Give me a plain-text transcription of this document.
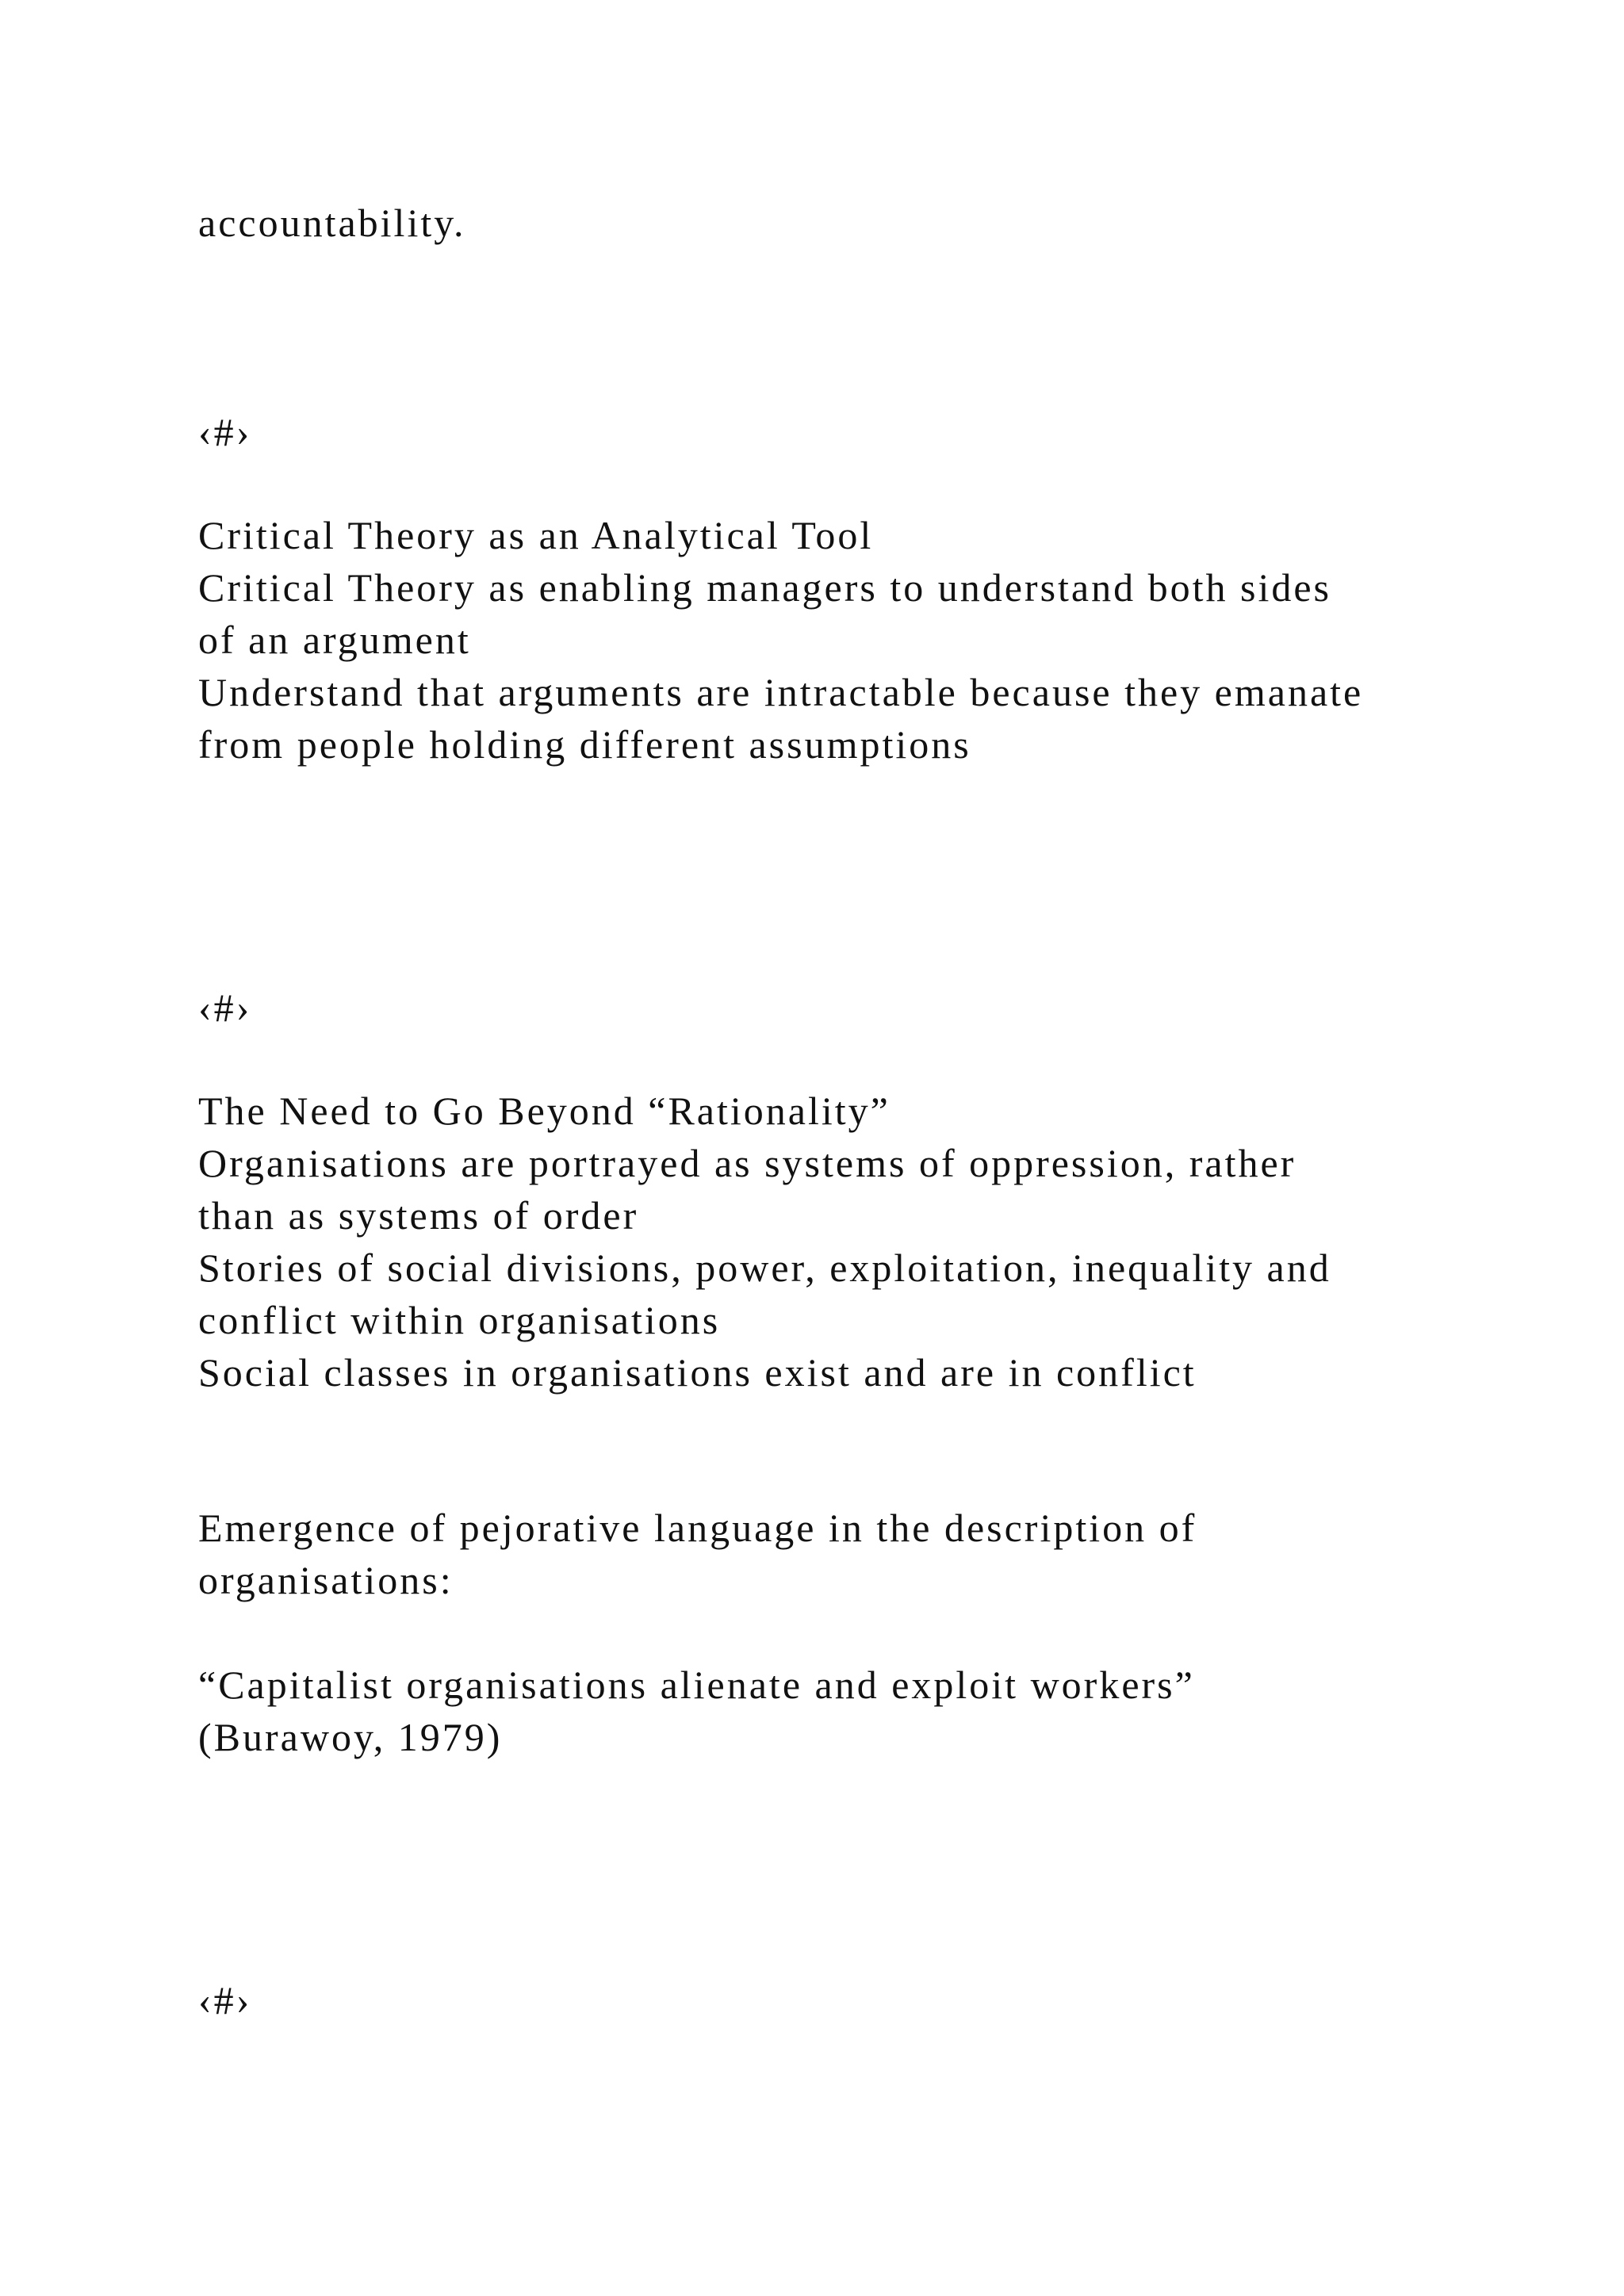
accountability.

‹#›

Critical Theory as an Analytical Tool

Critical Theory as enabling managers to understand both sides

of an argument

Understand that arguments are intractable because they emanate

from people holding different assumptions

‹#›

The Need to Go Beyond “Rationality”

Organisations are portrayed as systems of oppression, rather

than as systems of order

Stories of social divisions, power, exploitation, inequality and

conflict within organisations

Social classes in organisations exist and are in conflict

Emergence of pejorative language in the description of

organisations:

“Capitalist organisations alienate and exploit workers”

(Burawoy, 1979)

‹#›
